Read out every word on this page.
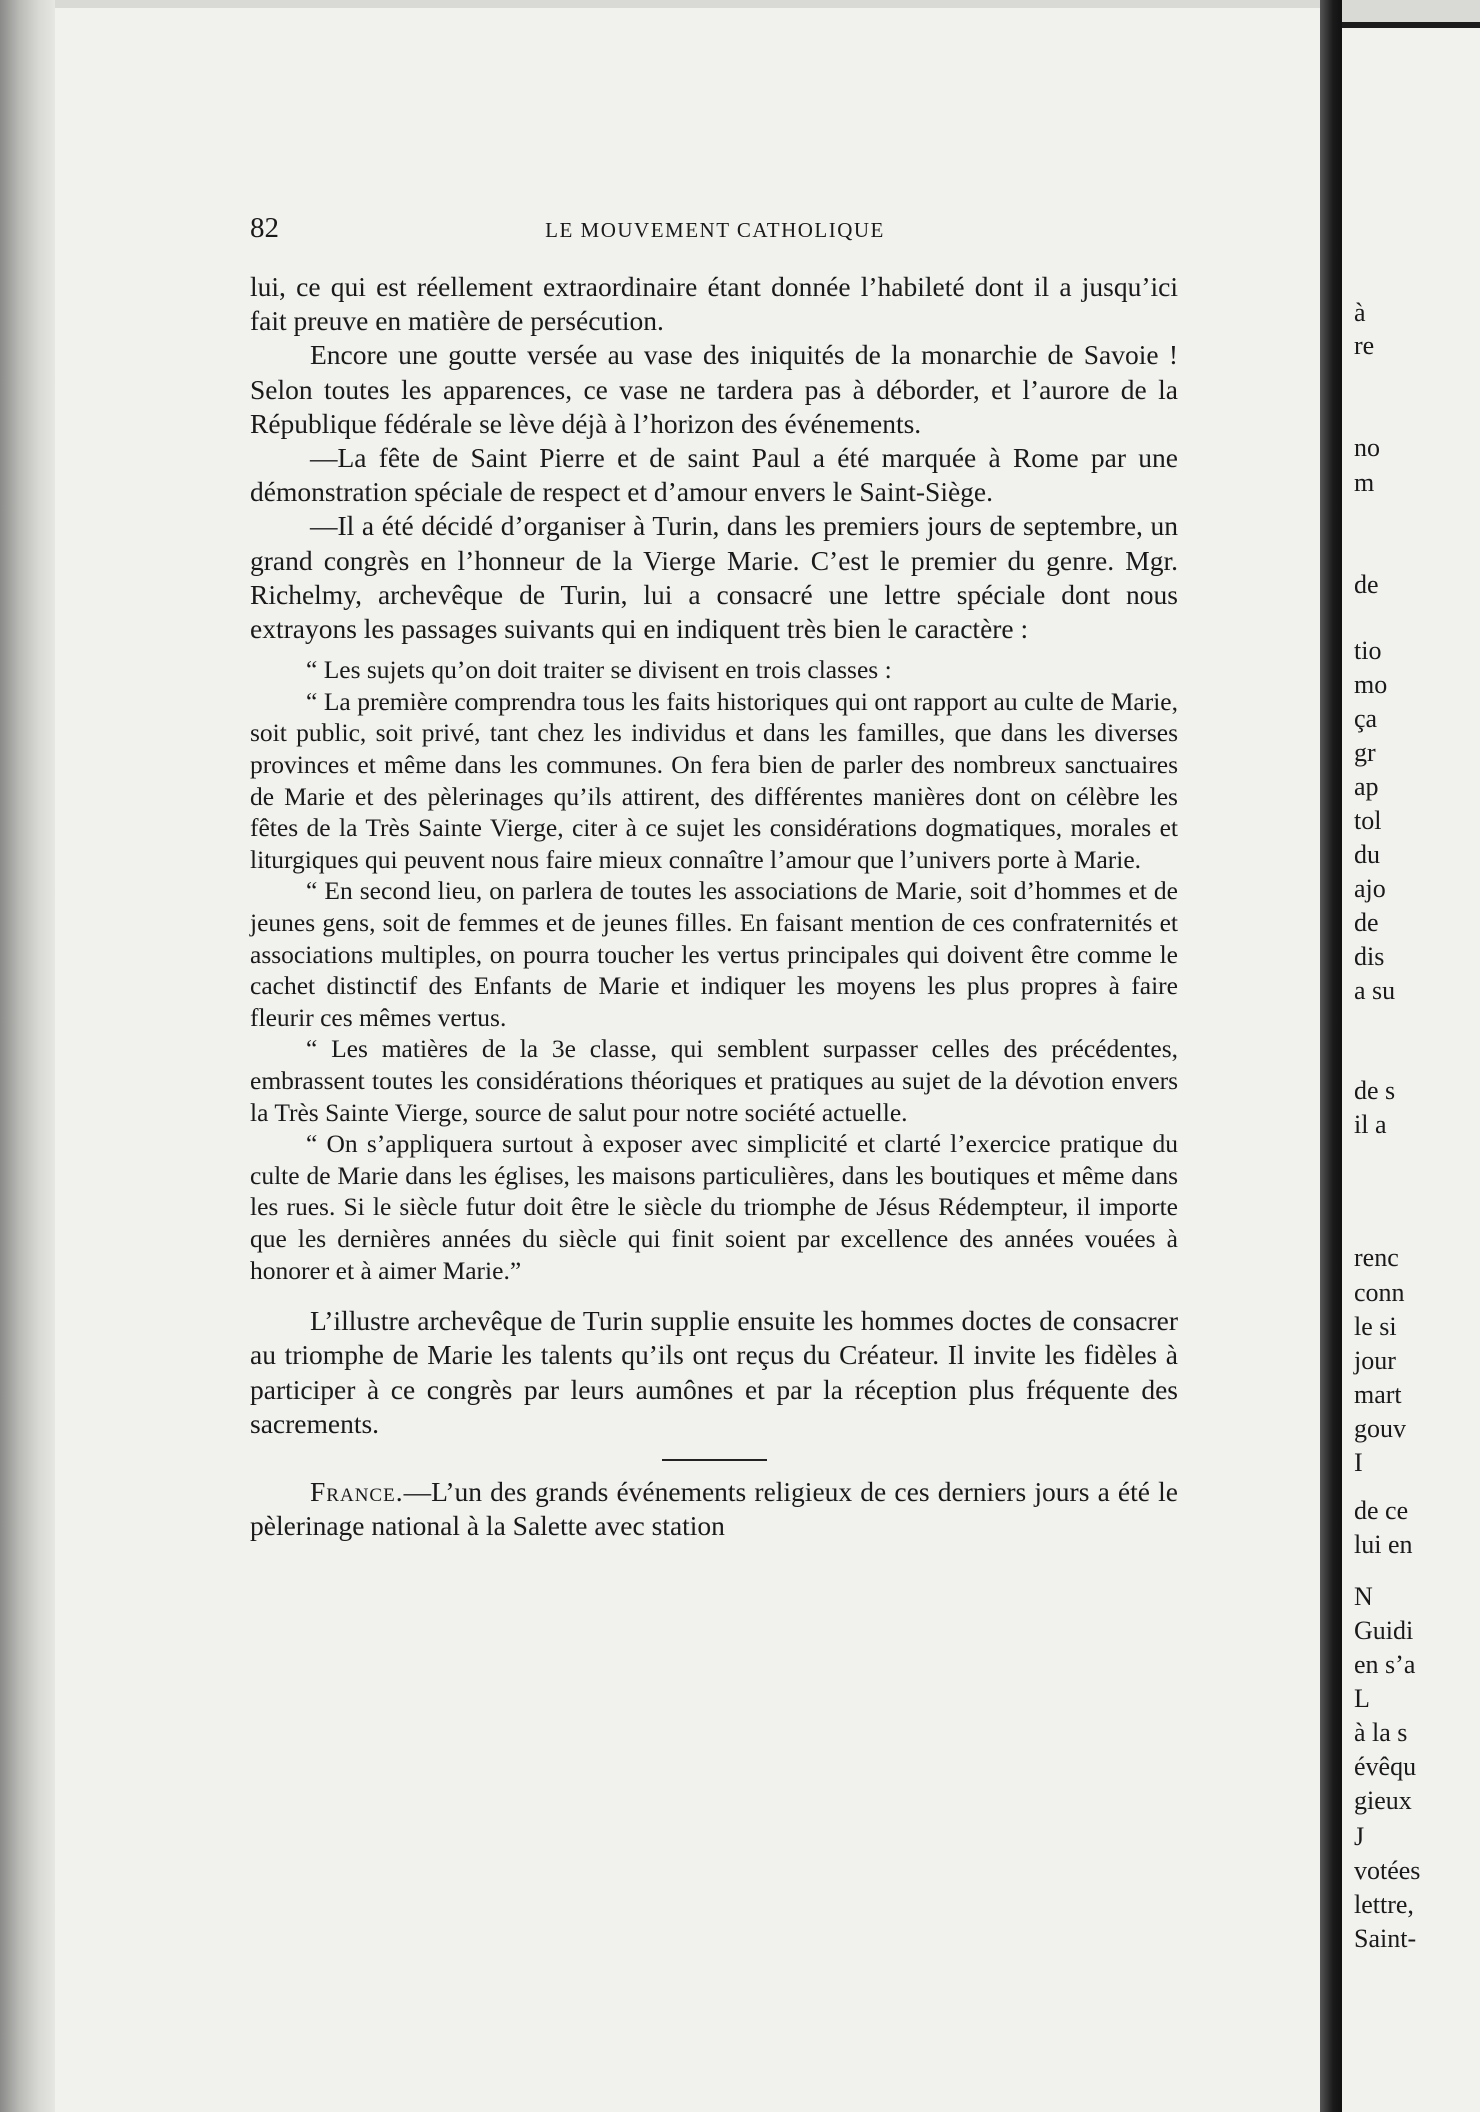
82	LE MOUVEMENT CATHOLIQUE

lui, ce qui est réellement extraordinaire étant donnée l’habileté dont il a jusqu’ici fait preuve en matière de persécution.

Encore une goutte versée au vase des iniquités de la monarchie de Savoie ! Selon toutes les apparences, ce vase ne tardera pas à déborder, et l’aurore de la République fédérale se lève déjà à l’horizon des événements.

—La fête de Saint Pierre et de saint Paul a été marquée à Rome par une démonstration spéciale de respect et d’amour envers le Saint-Siège.

—Il a été décidé d’organiser à Turin, dans les premiers jours de septembre, un grand congrès en l’honneur de la Vierge Marie. C’est le premier du genre. Mgr. Richelmy, archevêque de Turin, lui a consacré une lettre spéciale dont nous extrayons les passages suivants qui en indiquent très bien le caractère :

“ Les sujets qu’on doit traiter se divisent en trois classes :

“ La première comprendra tous les faits historiques qui ont rapport au culte de Marie, soit public, soit privé, tant chez les individus et dans les familles, que dans les diverses provinces et même dans les communes. On fera bien de parler des nombreux sanctuaires de Marie et des pèlerinages qu’ils attirent, des différentes manières dont on célèbre les fêtes de la Très Sainte Vierge, citer à ce sujet les considérations dogmatiques, morales et liturgiques qui peuvent nous faire mieux connaître l’amour que l’univers porte à Marie.

“ En second lieu, on parlera de toutes les associations de Marie, soit d’hommes et de jeunes gens, soit de femmes et de jeunes filles. En faisant mention de ces confraternités et associations multiples, on pourra toucher les vertus principales qui doivent être comme le cachet distinctif des Enfants de Marie et indiquer les moyens les plus propres à faire fleurir ces mêmes vertus.

“ Les matières de la 3e classe, qui semblent surpasser celles des précédentes, embrassent toutes les considérations théoriques et pratiques au sujet de la dévotion envers la Très Sainte Vierge, source de salut pour notre société actuelle.

“ On s’appliquera surtout à exposer avec simplicité et clarté l’exercice pratique du culte de Marie dans les églises, les maisons particulières, dans les boutiques et même dans les rues. Si le siècle futur doit être le siècle du triomphe de Jésus Rédempteur, il importe que les dernières années du siècle qui finit soient par excellence des années vouées à honorer et à aimer Marie.”

L’illustre archevêque de Turin supplie ensuite les hommes doctes de consacrer au triomphe de Marie les talents qu’ils ont reçus du Créateur. Il invite les fidèles à participer à ce congrès par leurs aumônes et par la réception plus fréquente des sacrements.

France.—L’un des grands événements religieux de ces derniers jours a été le pèlerinage national à la Salette avec station

à
re
no
m
de
tio
mo
ça
gr
ap
tol
du
ajo
de
dis
a su
de s
il a
renc
conn
le si
jour
mart
gouv
I
de ce
lui en
N
Guidi
en s’a
L
à la s
évêqu
gieux
J
votées
lettre,
Saint-
